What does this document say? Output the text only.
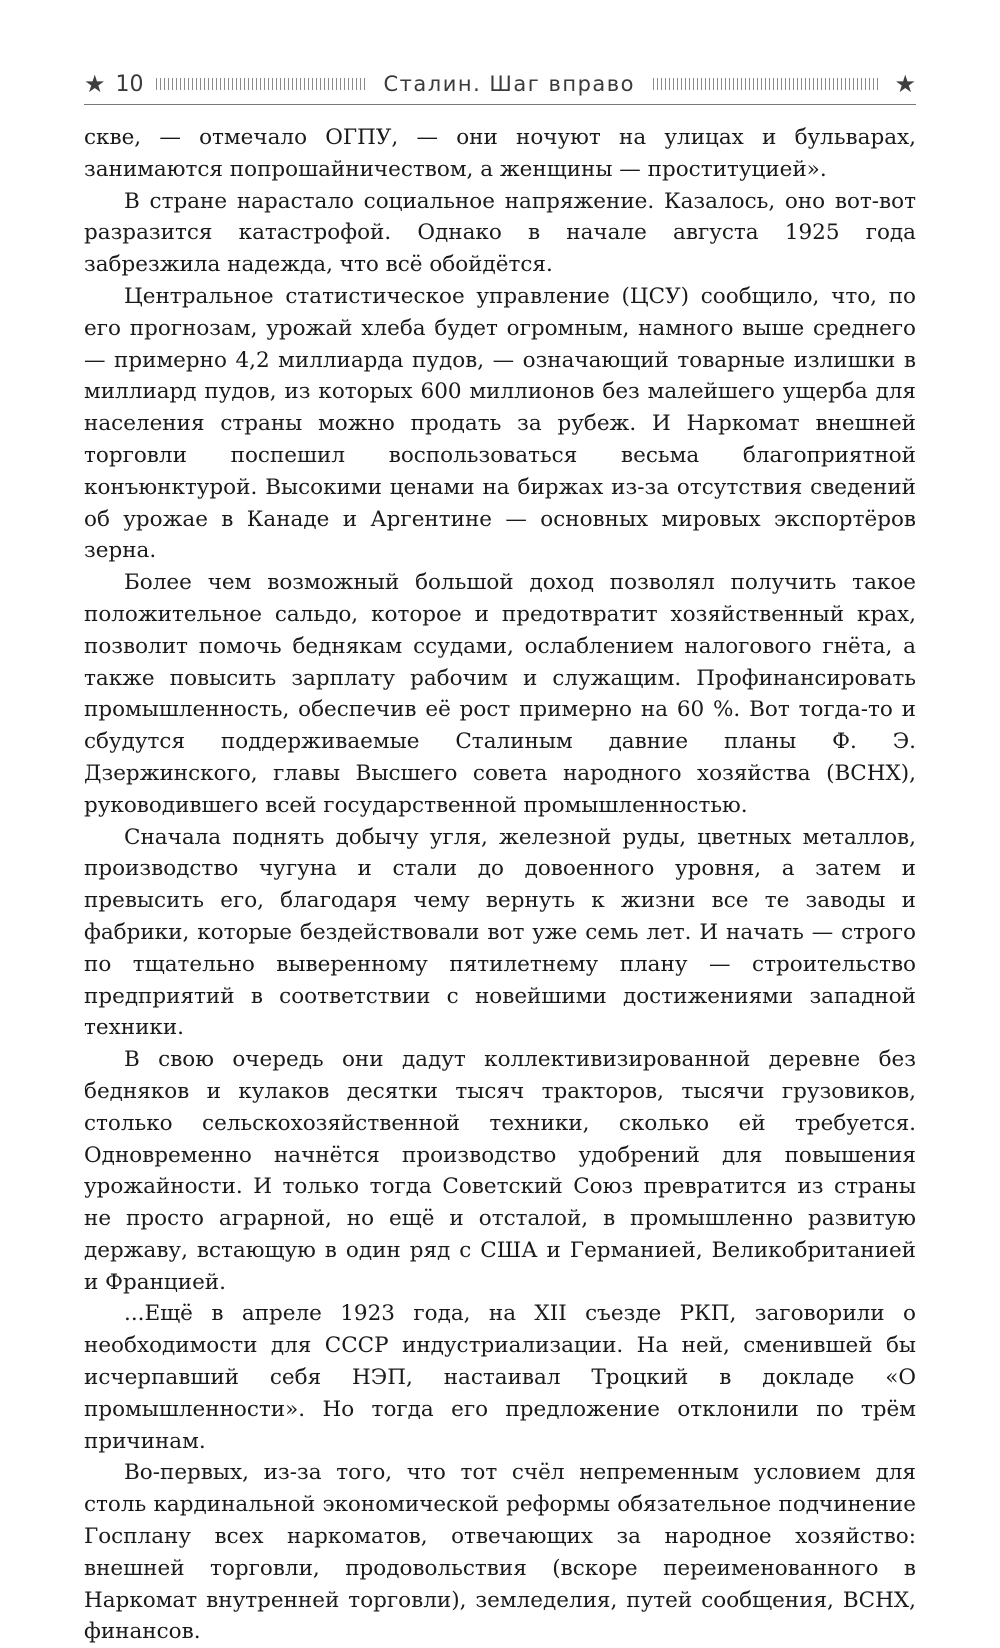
★ 10	Сталин. Шаг вправо	★

скве, — отмечало ОГПУ, — они ночуют на улицах и бульварах, занимаются попрошайничеством, а женщины — проституцией».

В стране нарастало социальное напряжение. Казалось, оно вот-вот разразится катастрофой. Однако в начале августа 1925 года забрезжила надежда, что всё обойдётся.

Центральное статистическое управление (ЦСУ) сообщило, что, по его прогнозам, урожай хлеба будет огромным, намного выше среднего — примерно 4,2 миллиарда пудов, — означающий товарные излишки в миллиард пудов, из которых 600 миллионов без малейшего ущерба для населения страны можно продать за рубеж. И Наркомат внешней торговли поспешил воспользоваться весьма благоприятной конъюнктурой. Высокими ценами на биржах из-за отсутствия сведений об урожае в Канаде и Аргентине — основных мировых экспортёров зерна.

Более чем возможный большой доход позволял получить такое положительное сальдо, которое и предотвратит хозяйственный крах, позволит помочь беднякам ссудами, ослаблением налогового гнёта, а также повысить зарплату рабочим и служащим. Профинансировать промышленность, обеспечив её рост примерно на 60 %. Вот тогда-то и сбудутся поддерживаемые Сталиным давние планы Ф. Э. Дзержинского, главы Высшего совета народного хозяйства (ВСНХ), руководившего всей государственной промышленностью.

Сначала поднять добычу угля, железной руды, цветных металлов, производство чугуна и стали до довоенного уровня, а затем и превысить его, благодаря чему вернуть к жизни все те заводы и фабрики, которые бездействовали вот уже семь лет. И начать — строго по тщательно выверенному пятилетнему плану — строительство предприятий в соответствии с новейшими достижениями западной техники.

В свою очередь они дадут коллективизированной деревне без бедняков и кулаков десятки тысяч тракторов, тысячи грузовиков, столько сельскохозяйственной техники, сколько ей требуется. Одновременно начнётся производство удобрений для повышения урожайности. И только тогда Советский Союз превратится из страны не просто аграрной, но ещё и отсталой, в промышленно развитую державу, встающую в один ряд с США и Германией, Великобританией и Францией.

...Ещё в апреле 1923 года, на XII съезде РКП, заговорили о необходимости для СССР индустриализации. На ней, сменившей бы исчерпавший себя НЭП, настаивал Троцкий в докладе «О промышленности». Но тогда его предложение отклонили по трём причинам.

Во-первых, из-за того, что тот счёл непременным условием для столь кардинальной экономической реформы обязательное подчинение Госплану всех наркоматов, отвечающих за народное хозяйство: внешней торговли, продовольствия (вскоре переименованного в Наркомат внутренней торговли), земледелия, путей сообщения, ВСНХ, финансов.
